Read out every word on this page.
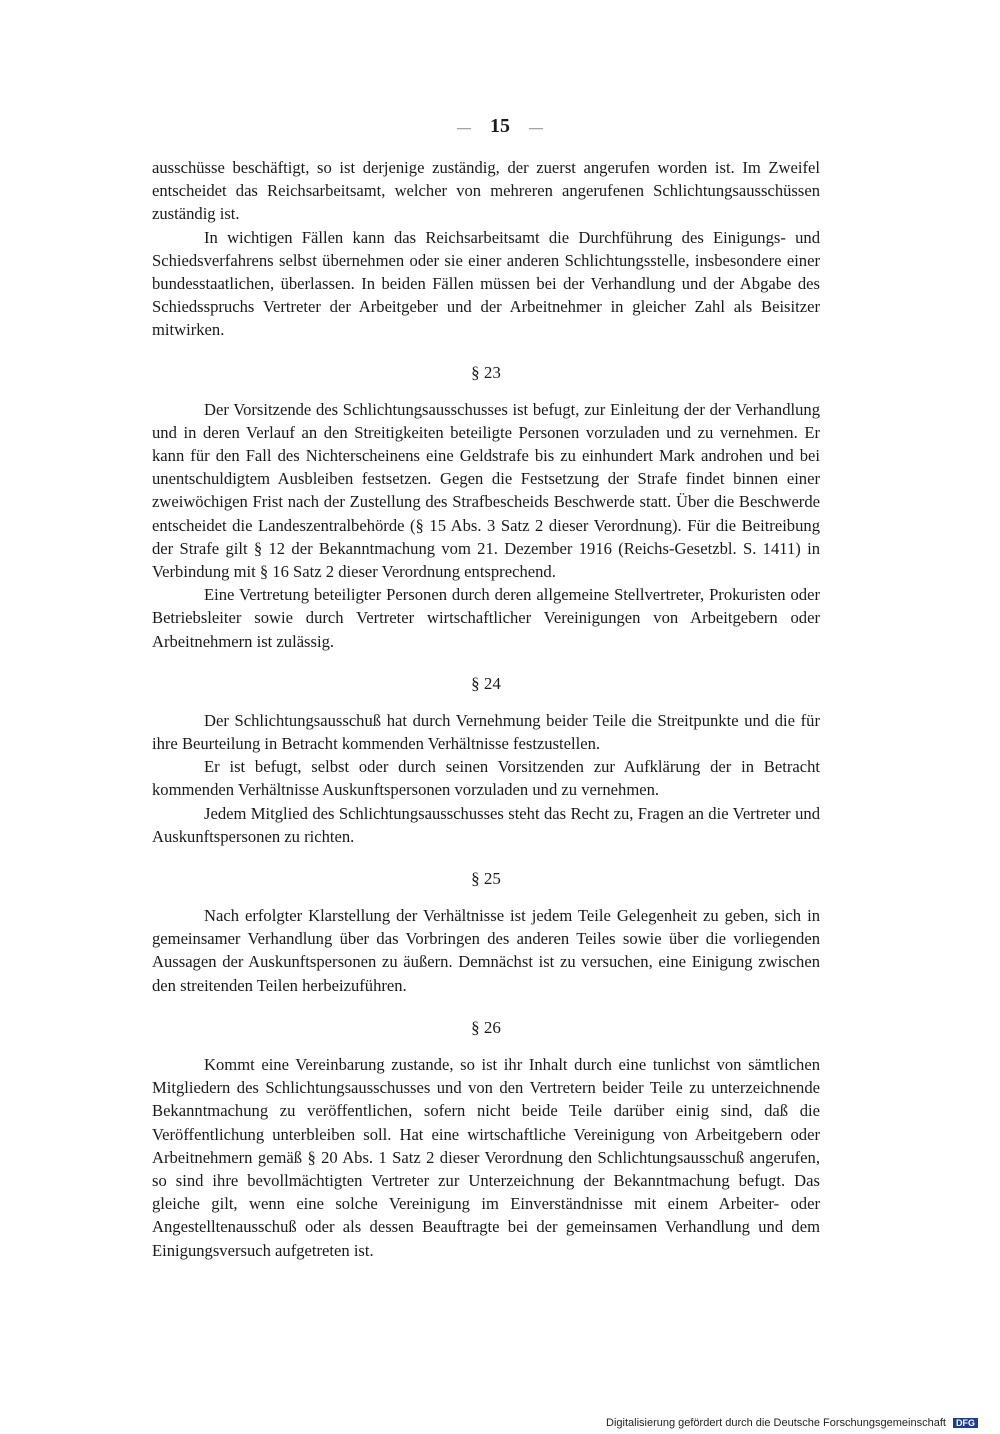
— 15 —

ausschüsse beschäftigt, so ist derjenige zuständig, der zuerst angerufen worden ist. Im Zweifel entscheidet das Reichsarbeitsamt, welcher von mehreren angerufenen Schlichtungsausschüssen zuständig ist.

In wichtigen Fällen kann das Reichsarbeitsamt die Durchführung des Einigungs- und Schiedsverfahrens selbst übernehmen oder sie einer anderen Schlichtungsstelle, insbesondere einer bundesstaatlichen, überlassen. In beiden Fällen müssen bei der Verhandlung und der Abgabe des Schiedsspruchs Vertreter der Arbeitgeber und der Arbeitnehmer in gleicher Zahl als Beisitzer mitwirken.

§ 23

Der Vorsitzende des Schlichtungsausschusses ist befugt, zur Einleitung der der Verhandlung und in deren Verlauf an den Streitigkeiten beteiligte Personen vorzuladen und zu vernehmen. Er kann für den Fall des Nichterscheinens eine Geldstrafe bis zu einhundert Mark androhen und bei unentschuldigtem Ausbleiben festsetzen. Gegen die Festsetzung der Strafe findet binnen einer zweiwöchigen Frist nach der Zustellung des Strafbescheids Beschwerde statt. Über die Beschwerde entscheidet die Landeszentralbehörde (§ 15 Abs. 3 Satz 2 dieser Verordnung). Für die Beitreibung der Strafe gilt § 12 der Bekanntmachung vom 21. Dezember 1916 (Reichs-Gesetzbl. S. 1411) in Verbindung mit § 16 Satz 2 dieser Verordnung entsprechend.

Eine Vertretung beteiligter Personen durch deren allgemeine Stellvertreter, Prokuristen oder Betriebsleiter sowie durch Vertreter wirtschaftlicher Vereinigungen von Arbeitgebern oder Arbeitnehmern ist zulässig.

§ 24

Der Schlichtungsausschuß hat durch Vernehmung beider Teile die Streitpunkte und die für ihre Beurteilung in Betracht kommenden Verhältnisse festzustellen.

Er ist befugt, selbst oder durch seinen Vorsitzenden zur Aufklärung der in Betracht kommenden Verhältnisse Auskunftspersonen vorzuladen und zu vernehmen.

Jedem Mitglied des Schlichtungsausschusses steht das Recht zu, Fragen an die Vertreter und Auskunftspersonen zu richten.

§ 25

Nach erfolgter Klarstellung der Verhältnisse ist jedem Teile Gelegenheit zu geben, sich in gemeinsamer Verhandlung über das Vorbringen des anderen Teiles sowie über die vorliegenden Aussagen der Auskunftspersonen zu äußern. Demnächst ist zu versuchen, eine Einigung zwischen den streitenden Teilen herbeizuführen.

§ 26

Kommt eine Vereinbarung zustande, so ist ihr Inhalt durch eine tunlichst von sämtlichen Mitgliedern des Schlichtungsausschusses und von den Vertretern beider Teile zu unterzeichnende Bekanntmachung zu veröffentlichen, sofern nicht beide Teile darüber einig sind, daß die Veröffentlichung unterbleiben soll. Hat eine wirtschaftliche Vereinigung von Arbeitgebern oder Arbeitnehmern gemäß § 20 Abs. 1 Satz 2 dieser Verordnung den Schlichtungsausschuß angerufen, so sind ihre bevollmächtigten Vertreter zur Unterzeichnung der Bekanntmachung befugt. Das gleiche gilt, wenn eine solche Vereinigung im Einverständnisse mit einem Arbeiter- oder Angestelltenausschuß oder als dessen Beauftragte bei der gemeinsamen Verhandlung und dem Einigungsversuch aufgetreten ist.

Digitalisierung gefördert durch die Deutsche Forschungsgemeinschaft DFG
